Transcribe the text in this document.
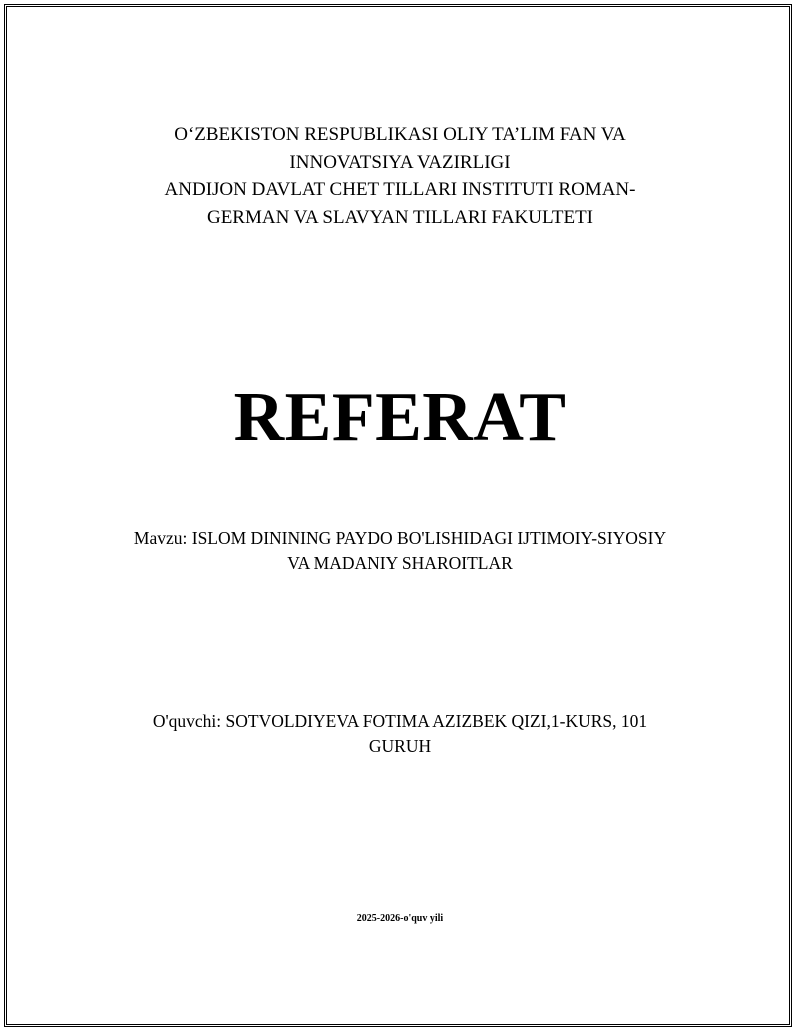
O‘ZBEKISTON RESPUBLIKASI OLIY TA’LIM FAN VA
INNOVATSIYA VAZIRLIGI
ANDIJON DAVLAT CHET TILLARI INSTITUTI ROMAN-
GERMAN VA SLAVYAN TILLARI FAKULTETI
REFERAT
Mavzu: ISLOM DININING PAYDO BO'LISHIDAGI IJTIMOIY-SIYOSIY
VA MADANIY SHAROITLAR
O'quvchi: SOTVOLDIYEVA FOTIMA AZIZBEK QIZI,1-KURS, 101
GURUH
2025-2026-o'quv yili
